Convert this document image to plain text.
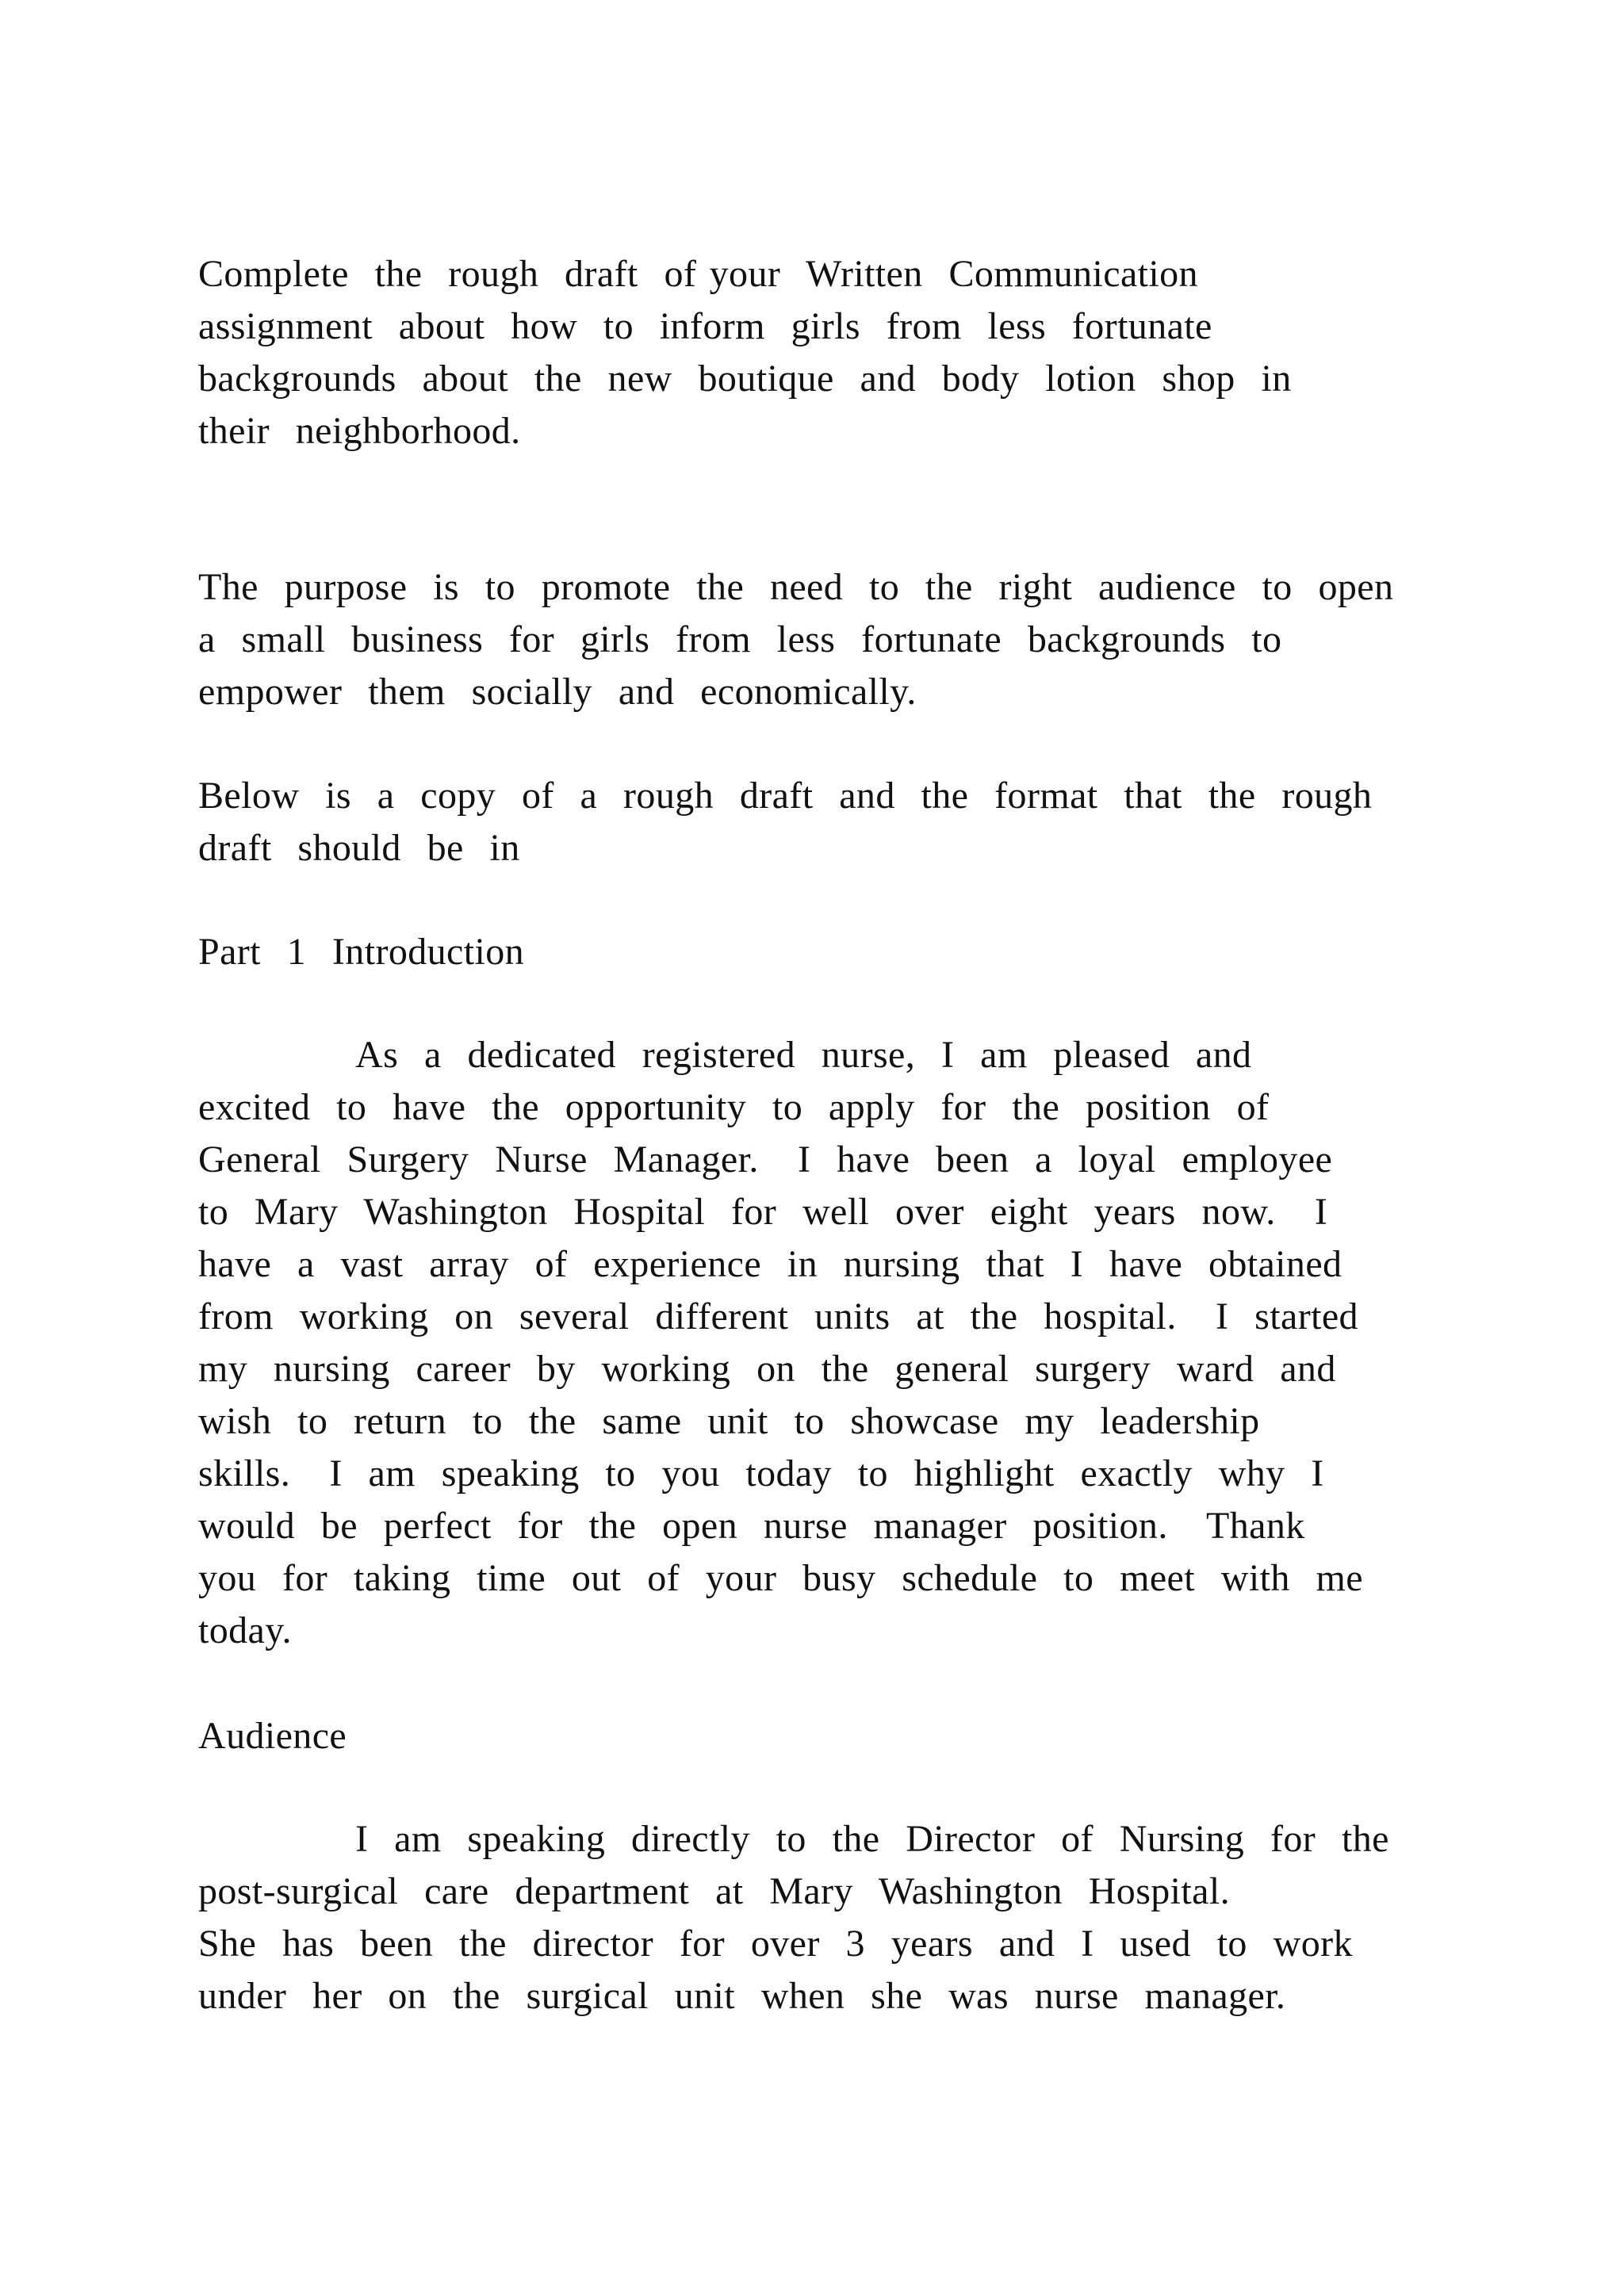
Complete  the  rough  draft  of your  Written  Communication
assignment  about  how  to  inform  girls  from  less  fortunate
backgrounds  about  the  new  boutique  and  body  lotion  shop  in
their  neighborhood.

The  purpose  is  to  promote  the  need  to  the  right  audience  to  open
a  small  business  for  girls  from  less  fortunate  backgrounds  to
empower  them  socially  and  economically.

Below  is  a  copy  of  a  rough  draft  and  the  format  that  the  rough
draft  should  be  in

Part  1  Introduction

As  a  dedicated  registered  nurse,  I  am  pleased  and
excited  to  have  the  opportunity  to  apply  for  the  position  of
General  Surgery  Nurse  Manager.   I  have  been  a  loyal  employee
to  Mary  Washington  Hospital  for  well  over  eight  years  now.   I
have  a  vast  array  of  experience  in  nursing  that  I  have  obtained
from  working  on  several  different  units  at  the  hospital.   I  started
my  nursing  career  by  working  on  the  general  surgery  ward  and
wish  to  return  to  the  same  unit  to  showcase  my  leadership
skills.   I  am  speaking  to  you  today  to  highlight  exactly  why  I
would  be  perfect  for  the  open  nurse  manager  position.   Thank
you  for  taking  time  out  of  your  busy  schedule  to  meet  with  me
today.

Audience

I  am  speaking  directly  to  the  Director  of  Nursing  for  the
post-surgical  care  department  at  Mary  Washington  Hospital.
She  has  been  the  director  for  over  3  years  and  I  used  to  work
under  her  on  the  surgical  unit  when  she  was  nurse  manager.
